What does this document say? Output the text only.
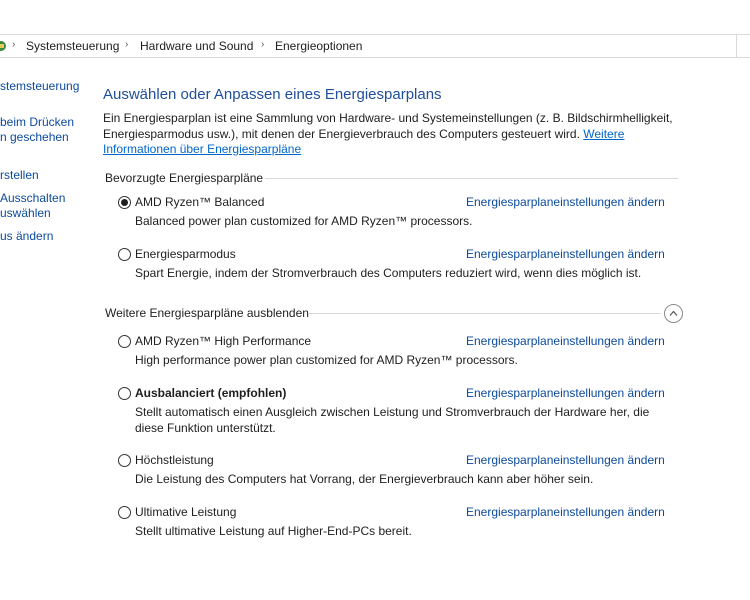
› Systemsteuerung › Hardware und Sound › Energieoptionen
stemsteuerung
beim Drücken
n geschehen
rstellen
Ausschalten
uswählen
us ändern
Auswählen oder Anpassen eines Energiesparplans
Ein Energiesparplan ist eine Sammlung von Hardware- und Systemeinstellungen (z. B. Bildschirmhelligkeit, Energiesparmodus usw.), mit denen der Energieverbrauch des Computers gesteuert wird. Weitere Informationen über Energiesparpläne
Bevorzugte Energiesparpläne
AMD Ryzen™ Balanced	Energiesparplaneinstellungen ändern
Balanced power plan customized for AMD Ryzen™ processors.
Energiesparmodus	Energiesparplaneinstellungen ändern
Spart Energie, indem der Stromverbrauch des Computers reduziert wird, wenn dies möglich ist.
Weitere Energiesparpläne ausblenden
AMD Ryzen™ High Performance	Energiesparplaneinstellungen ändern
High performance power plan customized for AMD Ryzen™ processors.
Ausbalanciert (empfohlen)	Energiesparplaneinstellungen ändern
Stellt automatisch einen Ausgleich zwischen Leistung und Stromverbrauch der Hardware her, die diese Funktion unterstützt.
Höchstleistung	Energiesparplaneinstellungen ändern
Die Leistung des Computers hat Vorrang, der Energieverbrauch kann aber höher sein.
Ultimative Leistung	Energiesparplaneinstellungen ändern
Stellt ultimative Leistung auf Higher-End-PCs bereit.
